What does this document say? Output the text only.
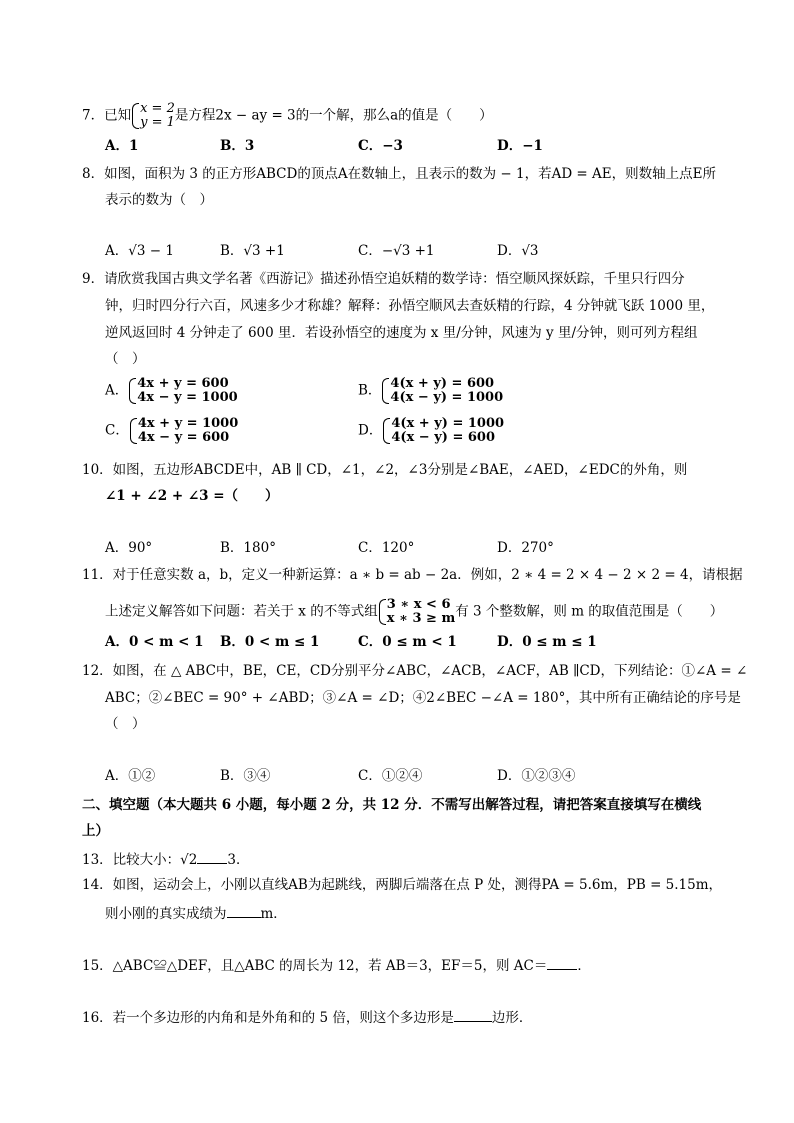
7．已知 x = 2
y = 1 是方程2x − ay = 3的一个解，那么a的值是（　　）
A．1	B．3	C．−3	D．−1
8．如图，面积为 3 的正方形ABCD的顶点A在数轴上，且表示的数为 − 1，若AD = AE，则数轴上点E所
表示的数为（　）
A．√3 − 1	B．√3 +1	C．−√3 +1	D．√3
9．请欣赏我国古典文学名著《西游记》描述孙悟空追妖精的数学诗：悟空顺风探妖踪，千里只行四分
钟，归时四分行六百，风速多少才称雄？解释：孙悟空顺风去查妖精的行踪，4 分钟就飞跃 1000 里，
逆风返回时 4 分钟走了 600 里．若设孙悟空的速度为 x 里/分钟，风速为 y 里/分钟，则可列方程组
（　）
A． 4x + y = 600
4x − y = 1000	B． 4(x + y) = 600
4(x − y) = 1000
C． 4x + y = 1000
4x − y = 600	D． 4(x + y) = 1000
4(x − y) = 600
10．如图，五边形ABCDE中，AB ∥ CD，∠1，∠2，∠3分别是∠BAE，∠AED，∠EDC的外角，则
∠1 + ∠2 + ∠3 =（　　）
A．90°	B．180°	C．120°	D．270°
11．对于任意实数 a，b，定义一种新运算：a ∗ b = ab − 2a．例如，2 ∗ 4 = 2 × 4 − 2 × 2 = 4，请根据
上述定义解答如下问题：若关于 x 的不等式组 3 ∗ x < 6
x ∗ 3 ≥ m 有 3 个整数解，则 m 的取值范围是（　　）
A．0 < m < 1 B．0 < m ≤ 1	C．0 ≤ m < 1	D．0 ≤ m ≤ 1
12．如图，在 △ ABC中，BE，CE，CD分别平分∠ABC，∠ACB，∠ACF，AB ∥CD，下列结论：①∠A = ∠
ABC；②∠BEC = 90° + ∠ABD；③∠A = ∠D；④2∠BEC −∠A = 180°，其中所有正确结论的序号是
（　）
A．①②	B．③④	C．①②④	D．①②③④
二、填空题（本大题共 6 小题，每小题 2 分，共 12 分．不需写出解答过程，请把答案直接填写在横线
上）
13．比较大小：√2 3．
14．如图，运动会上，小刚以直线AB为起跳线，两脚后端落在点 P 处，测得PA = 5.6m，PB = 5.15m，
则小刚的真实成绩为	m．
15．△ABC≌△DEF，且△ABC 的周长为 12，若 AB＝3，EF＝5，则 AC＝ ．
16．若一个多边形的内角和是外角和的 5 倍，则这个多边形是	边形．
